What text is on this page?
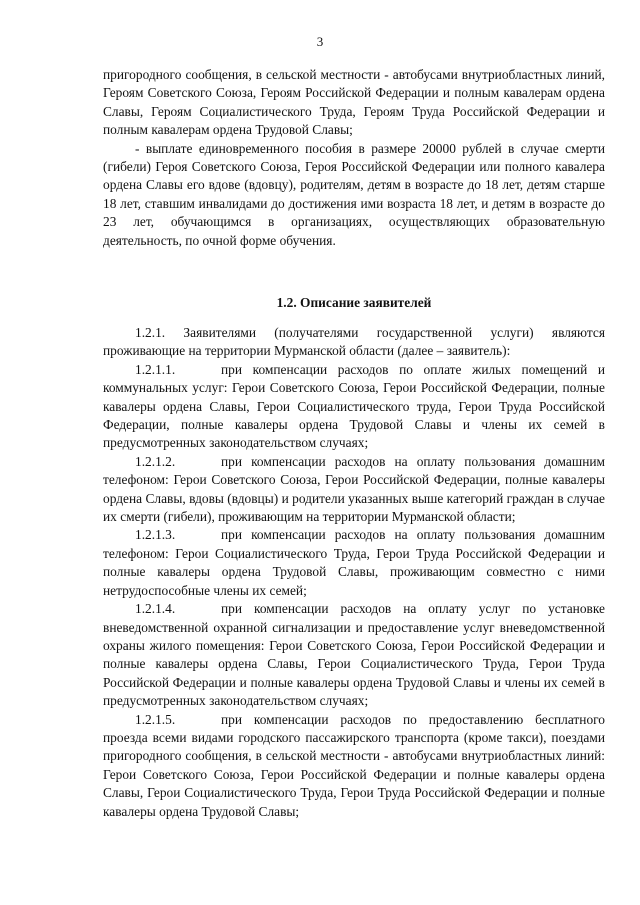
3

пригородного сообщения, в сельской местности - автобусами внутриобластных линий, Героям Советского Союза, Героям Российской Федерации и полным кавалерам ордена Славы, Героям Социалистического Труда, Героям Труда Российской Федерации и полным кавалерам ордена Трудовой Славы;

- выплате единовременного пособия в размере 20000 рублей в случае смерти (гибели) Героя Советского Союза, Героя Российской Федерации или полного кавалера ордена Славы его вдове (вдовцу), родителям, детям в возрасте до 18 лет, детям старше 18 лет, ставшим инвалидами до достижения ими возраста 18 лет, и детям в возрасте до 23 лет, обучающимся в организациях, осуществляющих образовательную деятельность, по очной форме обучения.

1.2. Описание заявителей

1.2.1. Заявителями (получателями государственной услуги) являются проживающие на территории Мурманской области (далее – заявитель):

1.2.1.1.	при компенсации расходов по оплате жилых помещений и коммунальных услуг: Герои Советского Союза, Герои Российской Федерации, полные кавалеры ордена Славы, Герои Социалистического труда, Герои Труда Российской Федерации, полные кавалеры ордена Трудовой Славы и члены их семей в предусмотренных законодательством случаях;

1.2.1.2.	при компенсации расходов на оплату пользования домашним телефоном: Герои Советского Союза, Герои Российской Федерации, полные кавалеры ордена Славы, вдовы (вдовцы) и родители указанных выше категорий граждан в случае их смерти (гибели), проживающим на территории Мурманской области;

1.2.1.3.	при компенсации расходов на оплату пользования домашним телефоном: Герои Социалистического Труда, Герои Труда Российской Федерации и полные кавалеры ордена Трудовой Славы, проживающим совместно с ними нетрудоспособные члены их семей;

1.2.1.4.	при компенсации расходов на оплату услуг по установке вневедомственной охранной сигнализации и предоставление услуг вневедомственной охраны жилого помещения: Герои Советского Союза, Герои Российской Федерации и полные кавалеры ордена Славы, Герои Социалистического Труда, Герои Труда Российской Федерации и полные кавалеры ордена Трудовой Славы и члены их семей в предусмотренных законодательством случаях;

1.2.1.5.	при компенсации расходов по предоставлению бесплатного проезда всеми видами городского пассажирского транспорта (кроме такси), поездами пригородного сообщения, в сельской местности - автобусами внутриобластных линий: Герои Советского Союза, Герои Российской Федерации и полные кавалеры ордена Славы, Герои Социалистического Труда, Герои Труда Российской Федерации и полные кавалеры ордена Трудовой Славы;
